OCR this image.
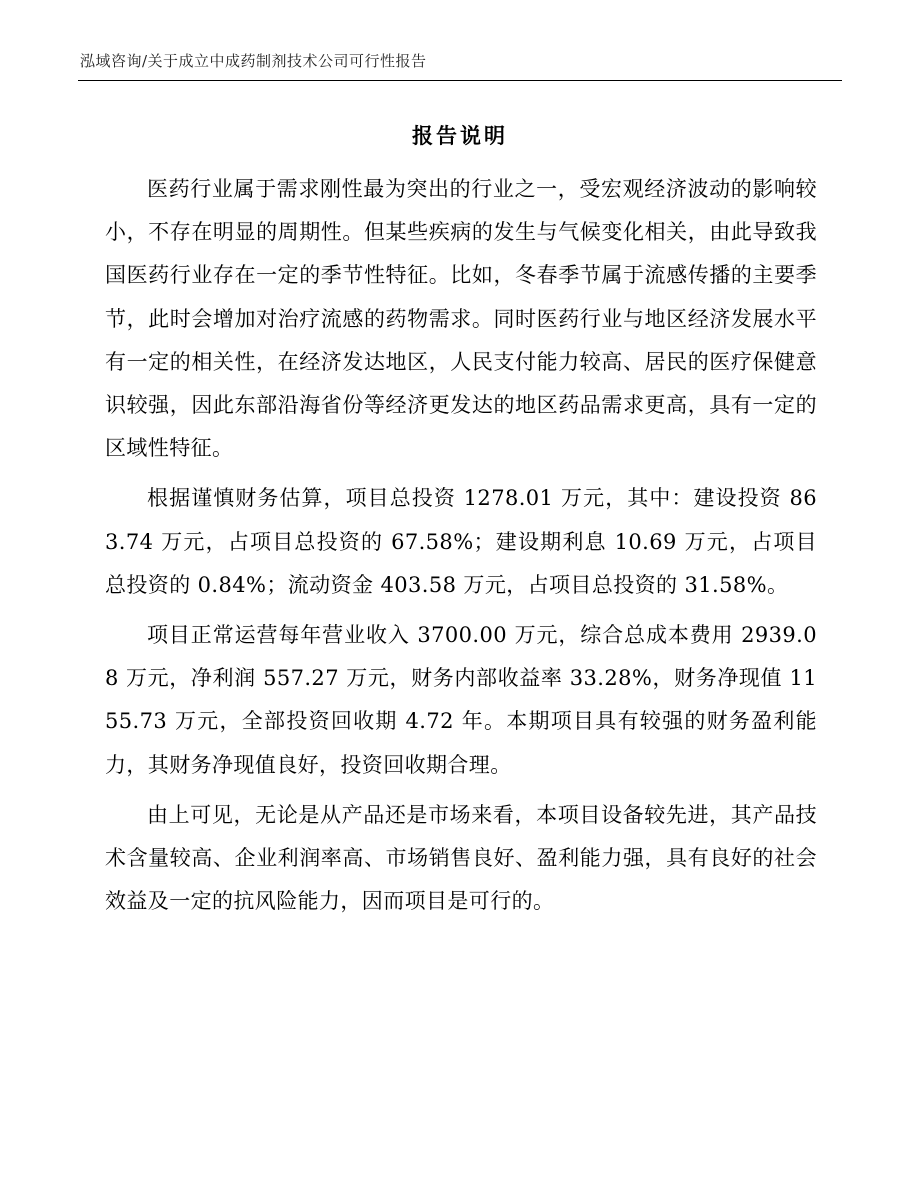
泓域咨询/关于成立中成药制剂技术公司可行性报告
报告说明

医药行业属于需求刚性最为突出的行业之一，受宏观经济波动的影响较小，不存在明显的周期性。但某些疾病的发生与气候变化相关，由此导致我国医药行业存在一定的季节性特征。比如，冬春季节属于流感传播的主要季节，此时会增加对治疗流感的药物需求。同时医药行业与地区经济发展水平有一定的相关性，在经济发达地区，人民支付能力较高、居民的医疗保健意识较强，因此东部沿海省份等经济更发达的地区药品需求更高，具有一定的区域性特征。

根据谨慎财务估算，项目总投资 1278.01 万元，其中：建设投资 863.74 万元，占项目总投资的 67.58%；建设期利息 10.69 万元，占项目总投资的 0.84%；流动资金 403.58 万元，占项目总投资的 31.58%。

项目正常运营每年营业收入 3700.00 万元，综合总成本费用 2939.08 万元，净利润 557.27 万元，财务内部收益率 33.28%，财务净现值 1155.73 万元，全部投资回收期 4.72 年。本期项目具有较强的财务盈利能力，其财务净现值良好，投资回收期合理。

由上可见，无论是从产品还是市场来看，本项目设备较先进，其产品技术含量较高、企业利润率高、市场销售良好、盈利能力强，具有良好的社会效益及一定的抗风险能力，因而项目是可行的。
